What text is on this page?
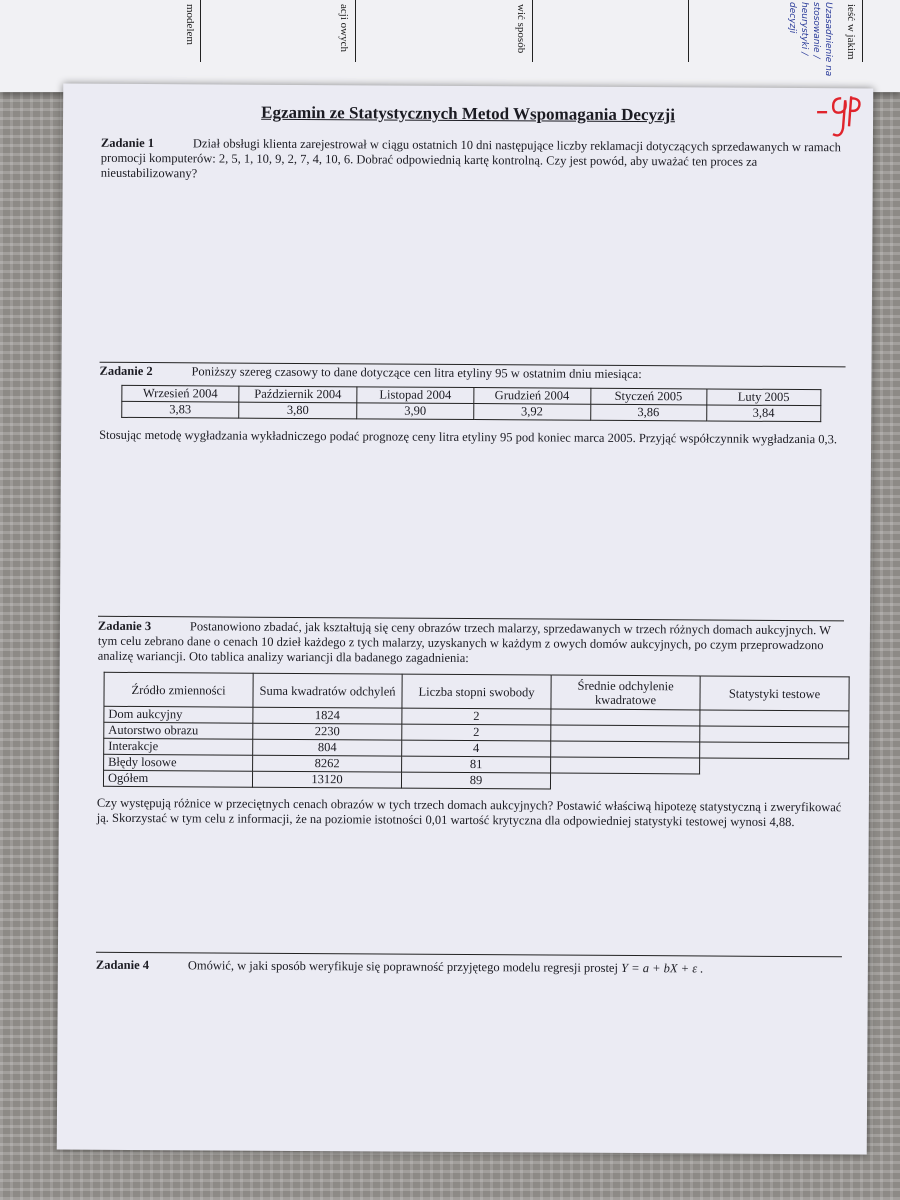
modelem	acji owych	wić sposób	Uzasadnienie na stosowanie / heurystyki / decyzji	ieść w jakim
Egzamin ze Statystycznych Metod Wspomagania Decyzji
Zadanie 1	Dział obsługi klienta zarejestrował w ciągu ostatnich 10 dni następujące liczby reklamacji dotyczących sprzedawanych w ramach promocji komputerów: 2, 5, 1, 10, 9, 2, 7, 4, 10, 6. Dobrać odpowiednią kartę kontrolną. Czy jest powód, aby uważać ten proces za nieustabilizowany?
Zadanie 2	Poniższy szereg czasowy to dane dotyczące cen litra etyliny 95 w ostatnim dniu miesiąca:
Wrzesień 2004	Październik 2004	Listopad 2004	Grudzień 2004	Styczeń 2005	Luty 2005
3,83	3,80	3,90	3,92	3,86	3,84
Stosując metodę wygładzania wykładniczego podać prognozę ceny litra etyliny 95 pod koniec marca 2005. Przyjąć współczynnik wygładzania 0,3.
Zadanie 3	Postanowiono zbadać, jak kształtują się ceny obrazów trzech malarzy, sprzedawanych w trzech różnych domach aukcyjnych. W tym celu zebrano dane o cenach 10 dzieł każdego z tych malarzy, uzyskanych w każdym z owych domów aukcyjnych, po czym przeprowadzono analizę wariancji. Oto tablica analizy wariancji dla badanego zagadnienia:
Źródło zmienności	Suma kwadratów odchyleń	Liczba stopni swobody	Średnie odchylenie kwadratowe	Statystyki testowe
Dom aukcyjny	1824	2		
Autorstwo obrazu	2230	2		
Interakcje	804	4		
Błędy losowe	8262	81		
Ogółem	13120	89		
Czy występują różnice w przeciętnych cenach obrazów w tych trzech domach aukcyjnych? Postawić właściwą hipotezę statystyczną i zweryfikować ją. Skorzystać w tym celu z informacji, że na poziomie istotności 0,01 wartość krytyczna dla odpowiedniej statystyki testowej wynosi 4,88.
Zadanie 4	Omówić, w jaki sposób weryfikuje się poprawność przyjętego modelu regresji prostej Y = a + bX + ε .
